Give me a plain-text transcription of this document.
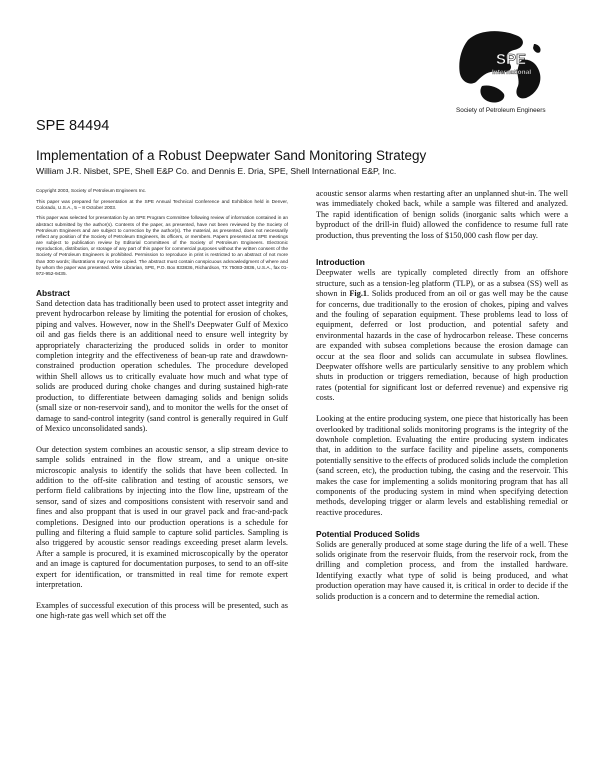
SPE
International
Society of Petroleum Engineers
SPE 84494
Implementation of a Robust Deepwater Sand Monitoring Strategy
William J.R. Nisbet, SPE, Shell E&P Co. and Dennis E. Dria, SPE, Shell International E&P, Inc.

Copyright 2003, Society of Petroleum Engineers Inc.

This paper was prepared for presentation at the SPE Annual Technical Conference and Exhibition held in Denver, Colorado, U.S.A., 5 – 8 October 2003.

This paper was selected for presentation by an SPE Program Committee following review of information contained in an abstract submitted by the author(s). Contents of the paper, as presented, have not been reviewed by the Society of Petroleum Engineers and are subject to correction by the author(s). The material, as presented, does not necessarily reflect any position of the Society of Petroleum Engineers, its officers, or members. Papers presented at SPE meetings are subject to publication review by Editorial Committees of the Society of Petroleum Engineers. Electronic reproduction, distribution, or storage of any part of this paper for commercial purposes without the written consent of the Society of Petroleum Engineers is prohibited. Permission to reproduce in print is restricted to an abstract of not more than 300 words; illustrations may not be copied. The abstract must contain conspicuous acknowledgment of where and by whom the paper was presented. Write Librarian, SPE, P.O. Box 833836, Richardson, TX 75083-3836, U.S.A., fax 01-972-952-9435.

Abstract

Sand detection data has traditionally been used to protect asset integrity and prevent hydrocarbon release by limiting the potential for erosion of chokes, piping and valves. However, now in the Shell's Deepwater Gulf of Mexico oil and gas fields there is an additional need to ensure well integrity by appropriately characterizing the produced solids in order to monitor completion integrity and the effectiveness of bean-up rate and drawdown-constrained production operation schedules. The procedure developed within Shell allows us to critically evaluate how much and what type of solids are produced during choke changes and during sustained high-rate production, to differentiate between damaging solids and benign solids (small size or non-reservoir sand), and to monitor the wells for the onset of damage to sand-control integrity (sand control is generally required in Gulf of Mexico unconsolidated sands).

Our detection system combines an acoustic sensor, a slip stream device to sample solids entrained in the flow stream, and a unique on-site microscopic analysis to identify the solids that have been collected. In addition to the off-site calibration and testing of acoustic sensors, we perform field calibrations by injecting into the flow line, upstream of the sensor, sand of sizes and compositions consistent with reservoir sand and fines and also proppant that is used in our gravel pack and frac-and-pack completions. Designed into our production operations is a schedule for pulling and filtering a fluid sample to capture solid particles. Sampling is also triggered by acoustic sensor readings exceeding preset alarm levels. After a sample is procured, it is examined microscopically by the operator and an image is captured for documentation purposes, to send to an off-site expert for identification, or transmitted in real time for remote expert interpretation.

Examples of successful execution of this process will be presented, such as one high-rate gas well which set off the

acoustic sensor alarms when restarting after an unplanned shut-in. The well was immediately choked back, while a sample was filtered and analyzed. The rapid identification of benign solids (inorganic salts which were a byproduct of the drill-in fluid) allowed the confidence to resume full rate production, thus preventing the loss of $150,000 cash flow per day.

Introduction

Deepwater wells are typically completed directly from an offshore structure, such as a tension-leg platform (TLP), or as a subsea (SS) well as shown in Fig.1. Solids produced from an oil or gas well may be the cause for concerns, due traditionally to the erosion of chokes, piping and valves and the fouling of separation equipment. These problems lead to loss of equipment, deferred or lost production, and potential safety and environmental hazards in the case of hydrocarbon release. These concerns are expanded with subsea completions because the erosion damage can occur at the sea floor and solids can accumulate in subsea flowlines. Deepwater offshore wells are particularly sensitive to any problem which shuts in production or triggers remediation, because of high production rates (potential for significant lost or deferred revenue) and expensive rig costs.

Looking at the entire producing system, one piece that historically has been overlooked by traditional solids monitoring programs is the integrity of the downhole completion. Evaluating the entire producing system indicates that, in addition to the surface facility and pipeline assets, components potentially sensitive to the effects of produced solids include the completion (sand screen, etc), the production tubing, the casing and the reservoir. This makes the case for implementing a solids monitoring program that has all components of the producing system in mind when specifying detection methods, developing trigger or alarm levels and establishing remedial or reactive procedures.

Potential Produced Solids

Solids are generally produced at some stage during the life of a well. These solids originate from the reservoir fluids, from the reservoir rock, from the drilling and completion process, and from the installed hardware. Identifying exactly what type of solid is being produced, and what production operation may have caused it, is critical in order to decide if the solids production is a concern and to determine the remedial action.
